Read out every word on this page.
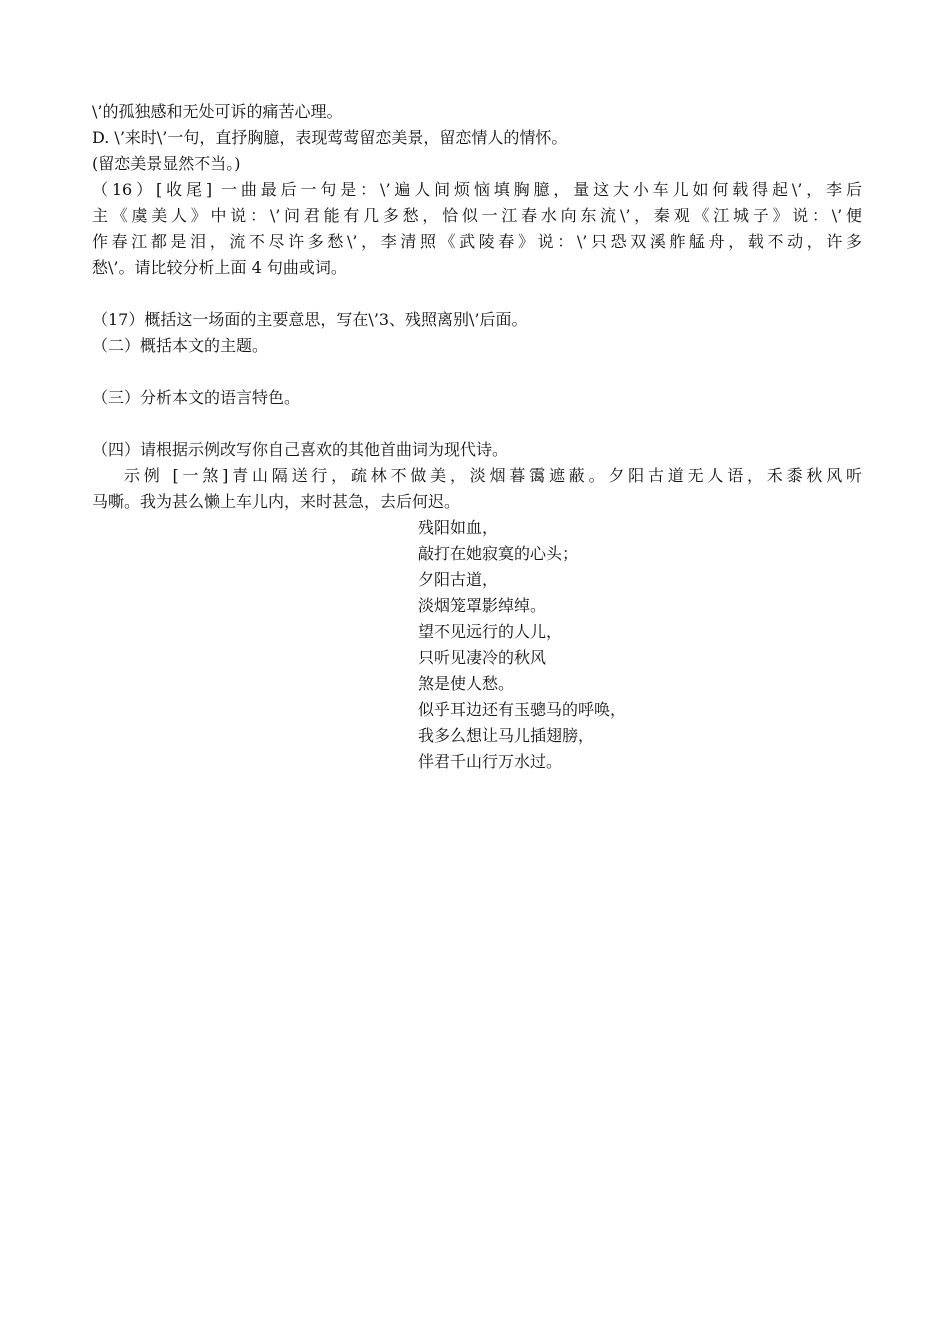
\’的孤独感和无处可诉的痛苦心理。
D. \’来时\’一句，直抒胸臆，表现莺莺留恋美景，留恋情人的情怀。
(留恋美景显然不当。)
（16）[收尾] 一曲最后一句是：\’遍人间烦恼填胸臆，量这大小车儿如何载得起\’，李后
主《虞美人》中说：\’问君能有几多愁，恰似一江春水向东流\’，秦观《江城子》说：\’便
作春江都是泪，流不尽许多愁\’，李清照《武陵春》说：\’只恐双溪舴艋舟，载不动，许多
愁\’。请比较分析上面 4 句曲或词。
（17）概括这一场面的主要意思，写在\’3、残照离别\’后面。
（二）概括本文的主题。
（三）分析本文的语言特色。
（四）请根据示例改写你自己喜欢的其他首曲词为现代诗。
示例 [一煞]青山隔送行，疏林不做美，淡烟暮霭遮蔽。夕阳古道无人语，禾黍秋风听
马嘶。我为甚么懒上车儿内，来时甚急，去后何迟。
残阳如血，
敲打在她寂寞的心头；
夕阳古道，
淡烟笼罩影绰绰。
望不见远行的人儿，
只听见凄冷的秋风
煞是使人愁。
似乎耳边还有玉骢马的呼唤，
我多么想让马儿插翅膀，
伴君千山行万水过。
